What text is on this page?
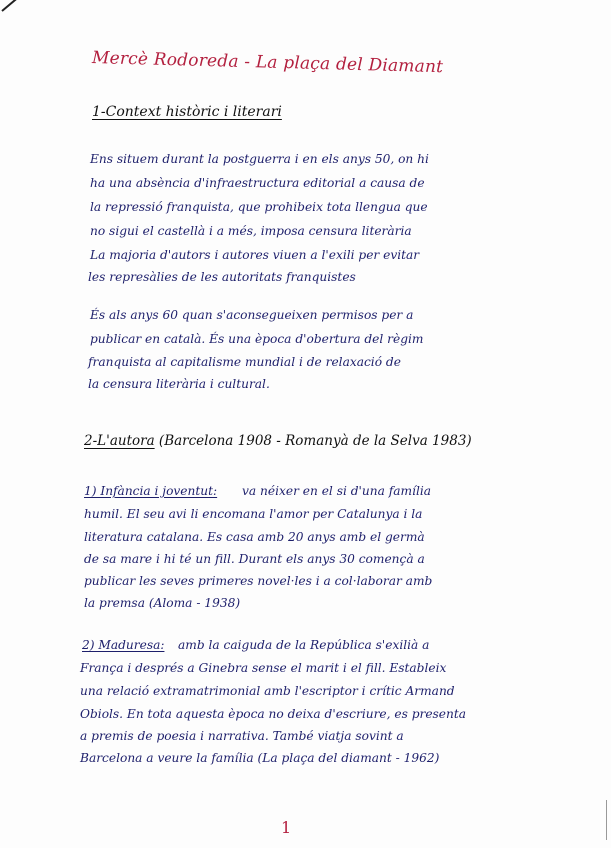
Mercè Rodoreda - La plaça del Diamant
1-Context històric i literari
Ens situem durant la postguerra i en els anys 50, on hi
ha una absència d'infraestructura editorial a causa de
la repressió franquista, que prohibeix tota llengua que
no sigui el castellà i a més, imposa censura literària
La majoria d'autors i autores viuen a l'exili per evitar
les represàlies de les autoritats franquistes
És als anys 60 quan s'aconsegueixen permisos per a
publicar en català. És una època d'obertura del règim
franquista al capitalisme mundial i de relaxació de
la censura literària i cultural.
2-L'autora (Barcelona 1908 - Romanyà de la Selva 1983)
1) Infància i joventut: va néixer en el si d'una família
humil. El seu avi li encomana l'amor per Catalunya i la
literatura catalana. Es casa amb 20 anys amb el germà
de sa mare i hi té un fill. Durant els anys 30 començà a
publicar les seves primeres novel·les i a col·laborar amb
la premsa (Aloma - 1938)
2) Maduresa: amb la caiguda de la República s'exilià a
França i després a Ginebra sense el marit i el fill. Estableix
una relació extramatrimonial amb l'escriptor i crític Armand
Obiols. En tota aquesta època no deixa d'escriure, es presenta
a premis de poesia i narrativa. També viatja sovint a
Barcelona a veure la família (La plaça del diamant - 1962)
1
